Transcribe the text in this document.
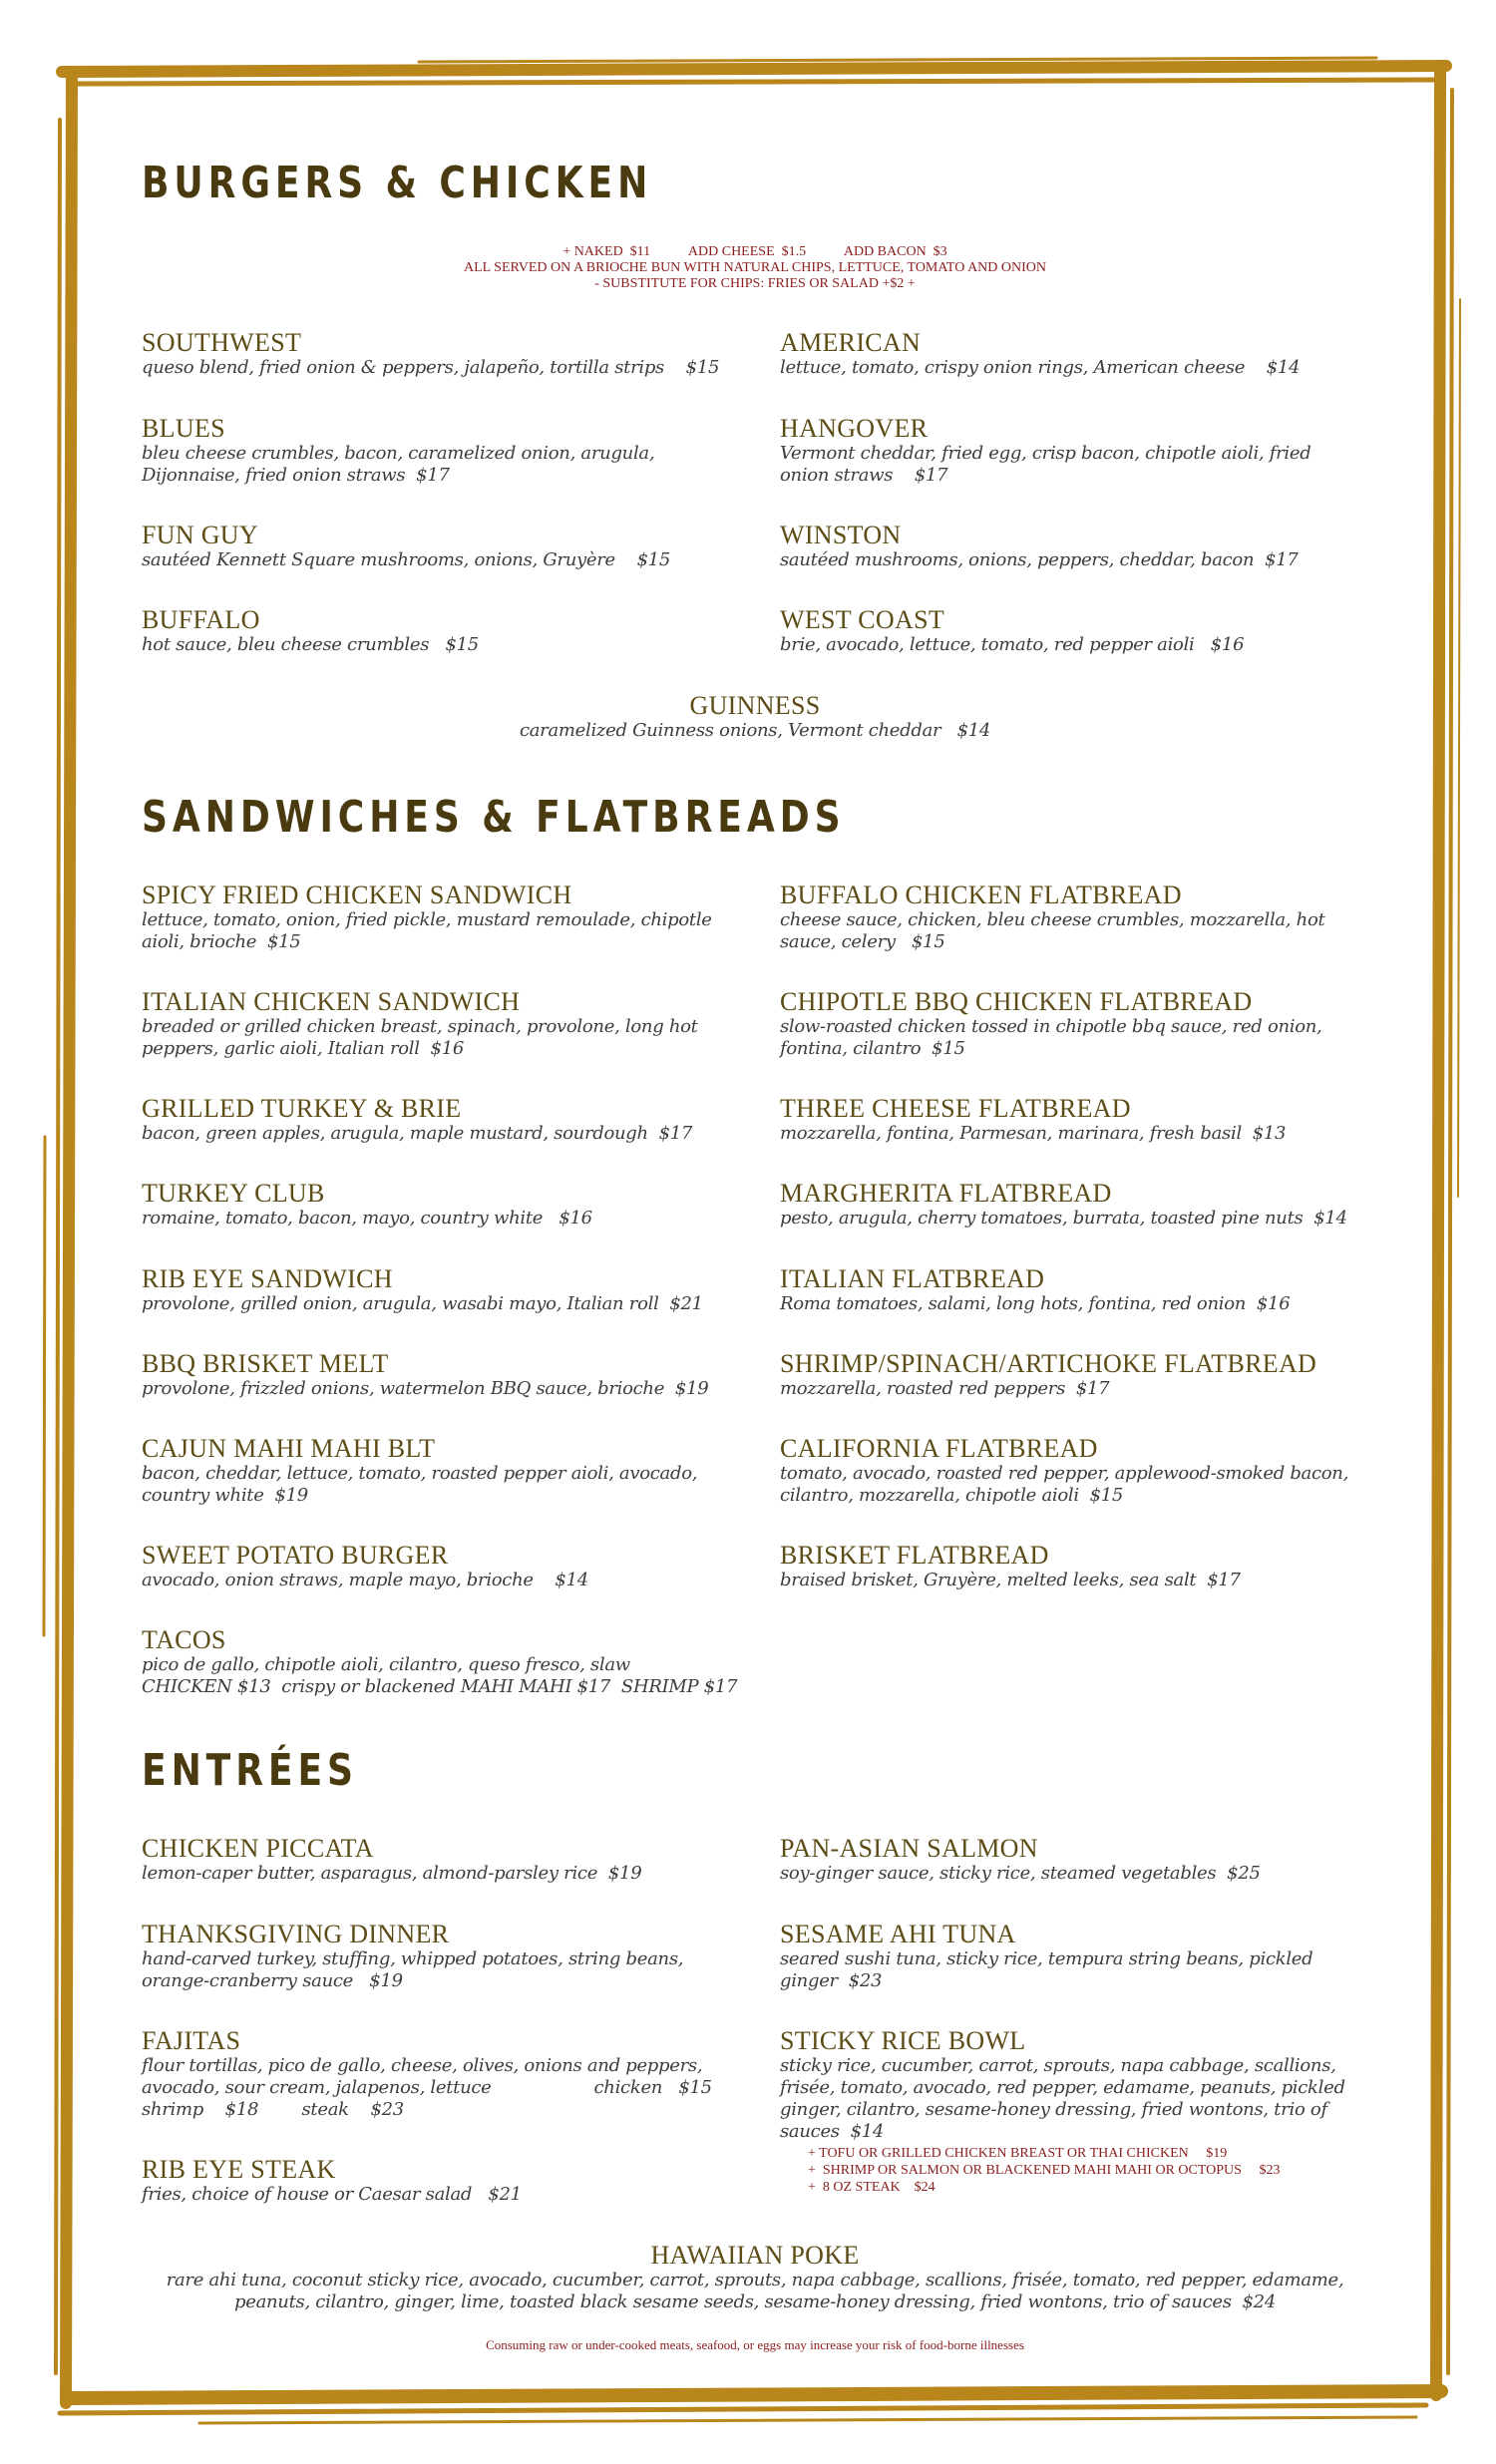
BURGERS & CHICKEN
+ NAKED  $11           ADD CHEESE  $1.5           ADD BACON  $3
ALL SERVED ON A BRIOCHE BUN WITH NATURAL CHIPS, LETTUCE, TOMATO AND ONION
- SUBSTITUTE FOR CHIPS: FRIES OR SALAD +$2 +
SOUTHWEST
queso blend, fried onion & peppers, jalapeño, tortilla strips    $15
AMERICAN
lettuce, tomato, crispy onion rings, American cheese    $14
BLUES
bleu cheese crumbles, bacon, caramelized onion, arugula,
Dijonnaise, fried onion straws  $17
HANGOVER
Vermont cheddar, fried egg, crisp bacon, chipotle aioli, fried
onion straws    $17
FUN GUY
sautéed Kennett Square mushrooms, onions, Gruyère    $15
WINSTON
sautéed mushrooms, onions, peppers, cheddar, bacon  $17
BUFFALO
hot sauce, bleu cheese crumbles   $15
WEST COAST
brie, avocado, lettuce, tomato, red pepper aioli   $16
GUINNESS
caramelized Guinness onions, Vermont cheddar   $14
SANDWICHES & FLATBREADS
SPICY FRIED CHICKEN SANDWICH
lettuce, tomato, onion, fried pickle, mustard remoulade, chipotle
aioli, brioche  $15
BUFFALO CHICKEN FLATBREAD
cheese sauce, chicken, bleu cheese crumbles, mozzarella, hot
sauce, celery   $15
ITALIAN CHICKEN SANDWICH
breaded or grilled chicken breast, spinach, provolone, long hot
peppers, garlic aioli, Italian roll  $16
CHIPOTLE BBQ CHICKEN FLATBREAD
slow-roasted chicken tossed in chipotle bbq sauce, red onion,
fontina, cilantro  $15
GRILLED TURKEY & BRIE
bacon, green apples, arugula, maple mustard, sourdough  $17
THREE CHEESE FLATBREAD
mozzarella, fontina, Parmesan, marinara, fresh basil  $13
TURKEY CLUB
romaine, tomato, bacon, mayo, country white   $16
MARGHERITA FLATBREAD
pesto, arugula, cherry tomatoes, burrata, toasted pine nuts  $14
RIB EYE SANDWICH
provolone, grilled onion, arugula, wasabi mayo, Italian roll  $21
ITALIAN FLATBREAD
Roma tomatoes, salami, long hots, fontina, red onion  $16
BBQ BRISKET MELT
provolone, frizzled onions, watermelon BBQ sauce, brioche  $19
SHRIMP/SPINACH/ARTICHOKE FLATBREAD
mozzarella, roasted red peppers  $17
CAJUN MAHI MAHI BLT
bacon, cheddar, lettuce, tomato, roasted pepper aioli, avocado,
country white  $19
CALIFORNIA FLATBREAD
tomato, avocado, roasted red pepper, applewood-smoked bacon,
cilantro, mozzarella, chipotle aioli  $15
SWEET POTATO BURGER
avocado, onion straws, maple mayo, brioche    $14
BRISKET FLATBREAD
braised brisket, Gruyère, melted leeks, sea salt  $17
TACOS
pico de gallo, chipotle aioli, cilantro, queso fresco, slaw
CHICKEN $13  crispy or blackened MAHI MAHI $17  SHRIMP $17
ENTRÉES
CHICKEN PICCATA
lemon-caper butter, asparagus, almond-parsley rice  $19
PAN-ASIAN SALMON
soy-ginger sauce, sticky rice, steamed vegetables  $25
THANKSGIVING DINNER
hand-carved turkey, stuffing, whipped potatoes, string beans,
orange-cranberry sauce   $19
SESAME AHI TUNA
seared sushi tuna, sticky rice, tempura string beans, pickled
ginger  $23
FAJITAS
flour tortillas, pico de gallo, cheese, olives, onions and peppers,
avocado, sour cream, jalapenos, lettuce                   chicken   $15
shrimp    $18        steak    $23
STICKY RICE BOWL
sticky rice, cucumber, carrot, sprouts, napa cabbage, scallions,
frisée, tomato, avocado, red pepper, edamame, peanuts, pickled
ginger, cilantro, sesame-honey dressing, fried wontons, trio of
sauces  $14
+ TOFU OR GRILLED CHICKEN BREAST OR THAI CHICKEN     $19
+  SHRIMP OR SALMON OR BLACKENED MAHI MAHI OR OCTOPUS     $23
+  8 OZ STEAK    $24
RIB EYE STEAK
fries, choice of house or Caesar salad   $21
HAWAIIAN POKE
rare ahi tuna, coconut sticky rice, avocado, cucumber, carrot, sprouts, napa cabbage, scallions, frisée, tomato, red pepper, edamame,
peanuts, cilantro, ginger, lime, toasted black sesame seeds, sesame-honey dressing, fried wontons, trio of sauces  $24
Consuming raw or under-cooked meats, seafood, or eggs may increase your risk of food-borne illnesses
